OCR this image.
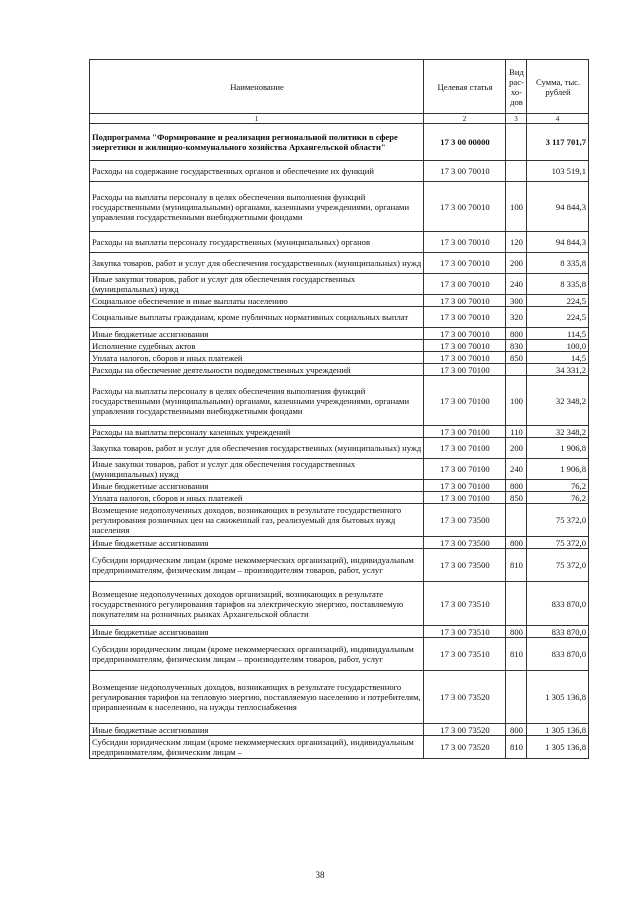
Наименование	Целевая статья	Вид рас-хо-дов	Сумма, тыс. рублей
1	2	3	4
Подпрограмма "Формирование и реализация региональной политики в сфере энергетики и жилищно-коммунального хозяйства Архангельской области"	17 3 00 00000		3 117 701,7
Расходы на содержание государственных органов и обеспечение их функций	17 3 00 70010		103 519,1
Расходы на выплаты персоналу в целях обеспечения выполнения функций государственными (муниципальными) органами, казенными учреждениями, органами управления государственными внебюджетными фондами	17 3 00 70010	100	94 844,3
Расходы на выплаты персоналу государственных (муниципальных) органов	17 3 00 70010	120	94 844,3
Закупка товаров, работ и услуг для обеспечения государственных (муниципальных) нужд	17 3 00 70010	200	8 335,8
Иные закупки товаров, работ и услуг для обеспечения государственных (муниципальных) нужд	17 3 00 70010	240	8 335,8
Социальное обеспечение и иные выплаты населению	17 3 00 70010	300	224,5
Социальные выплаты гражданам, кроме публичных нормативных социальных выплат	17 3 00 70010	320	224,5
Иные бюджетные ассигнования	17 3 00 70010	800	114,5
Исполнение судебных актов	17 3 00 70010	830	100,0
Уплата налогов, сборов и иных платежей	17 3 00 70010	850	14,5
Расходы на обеспечение деятельности подведомственных учреждений	17 3 00 70100		34 331,2
Расходы на выплаты персоналу в целях обеспечения выполнения функций государственными (муниципальными) органами, казенными учреждениями, органами управления государственными внебюджетными фондами	17 3 00 70100	100	32 348,2
Расходы на выплаты персоналу казенных учреждений	17 3 00 70100	110	32 348,2
Закупка товаров, работ и услуг для обеспечения государственных (муниципальных) нужд	17 3 00 70100	200	1 906,8
Иные закупки товаров, работ и услуг для обеспечения государственных (муниципальных) нужд	17 3 00 70100	240	1 906,8
Иные бюджетные ассигнования	17 3 00 70100	800	76,2
Уплата налогов, сборов и иных платежей	17 3 00 70100	850	76,2
Возмещение недополученных доходов, возникающих в результате государственного регулирования розничных цен на сжиженный газ, реализуемый для бытовых нужд населения	17 3 00 73500		75 372,0
Иные бюджетные ассигнования	17 3 00 73500	800	75 372,0
Субсидии юридическим лицам (кроме некоммерческих организаций), индивидуальным предпринимателям, физическим лицам – производителям товаров, работ, услуг	17 3 00 73500	810	75 372,0
Возмещение недополученных доходов организаций, возникающих в результате государственного регулирования тарифов на электрическую энергию, поставляемую покупателям на розничных рынках Архангельской области	17 3 00 73510		833 870,0
Иные бюджетные ассигнования	17 3 00 73510	800	833 870,0
Субсидии юридическим лицам (кроме некоммерческих организаций), индивидуальным предпринимателям, физическим лицам – производителям товаров, работ, услуг	17 3 00 73510	810	833 870,0
Возмещение недополученных доходов, возникающих в результате государственного регулирования тарифов на тепловую энергию, поставляемую населению и потребителям, приравненным к населению, на нужды теплоснабжения	17 3 00 73520		1 305 136,8
Иные бюджетные ассигнования	17 3 00 73520	800	1 305 136,8
Субсидии юридическим лицам (кроме некоммерческих организаций), индивидуальным предпринимателям, физическим лицам –	17 3 00 73520	810	1 305 136,8
38
